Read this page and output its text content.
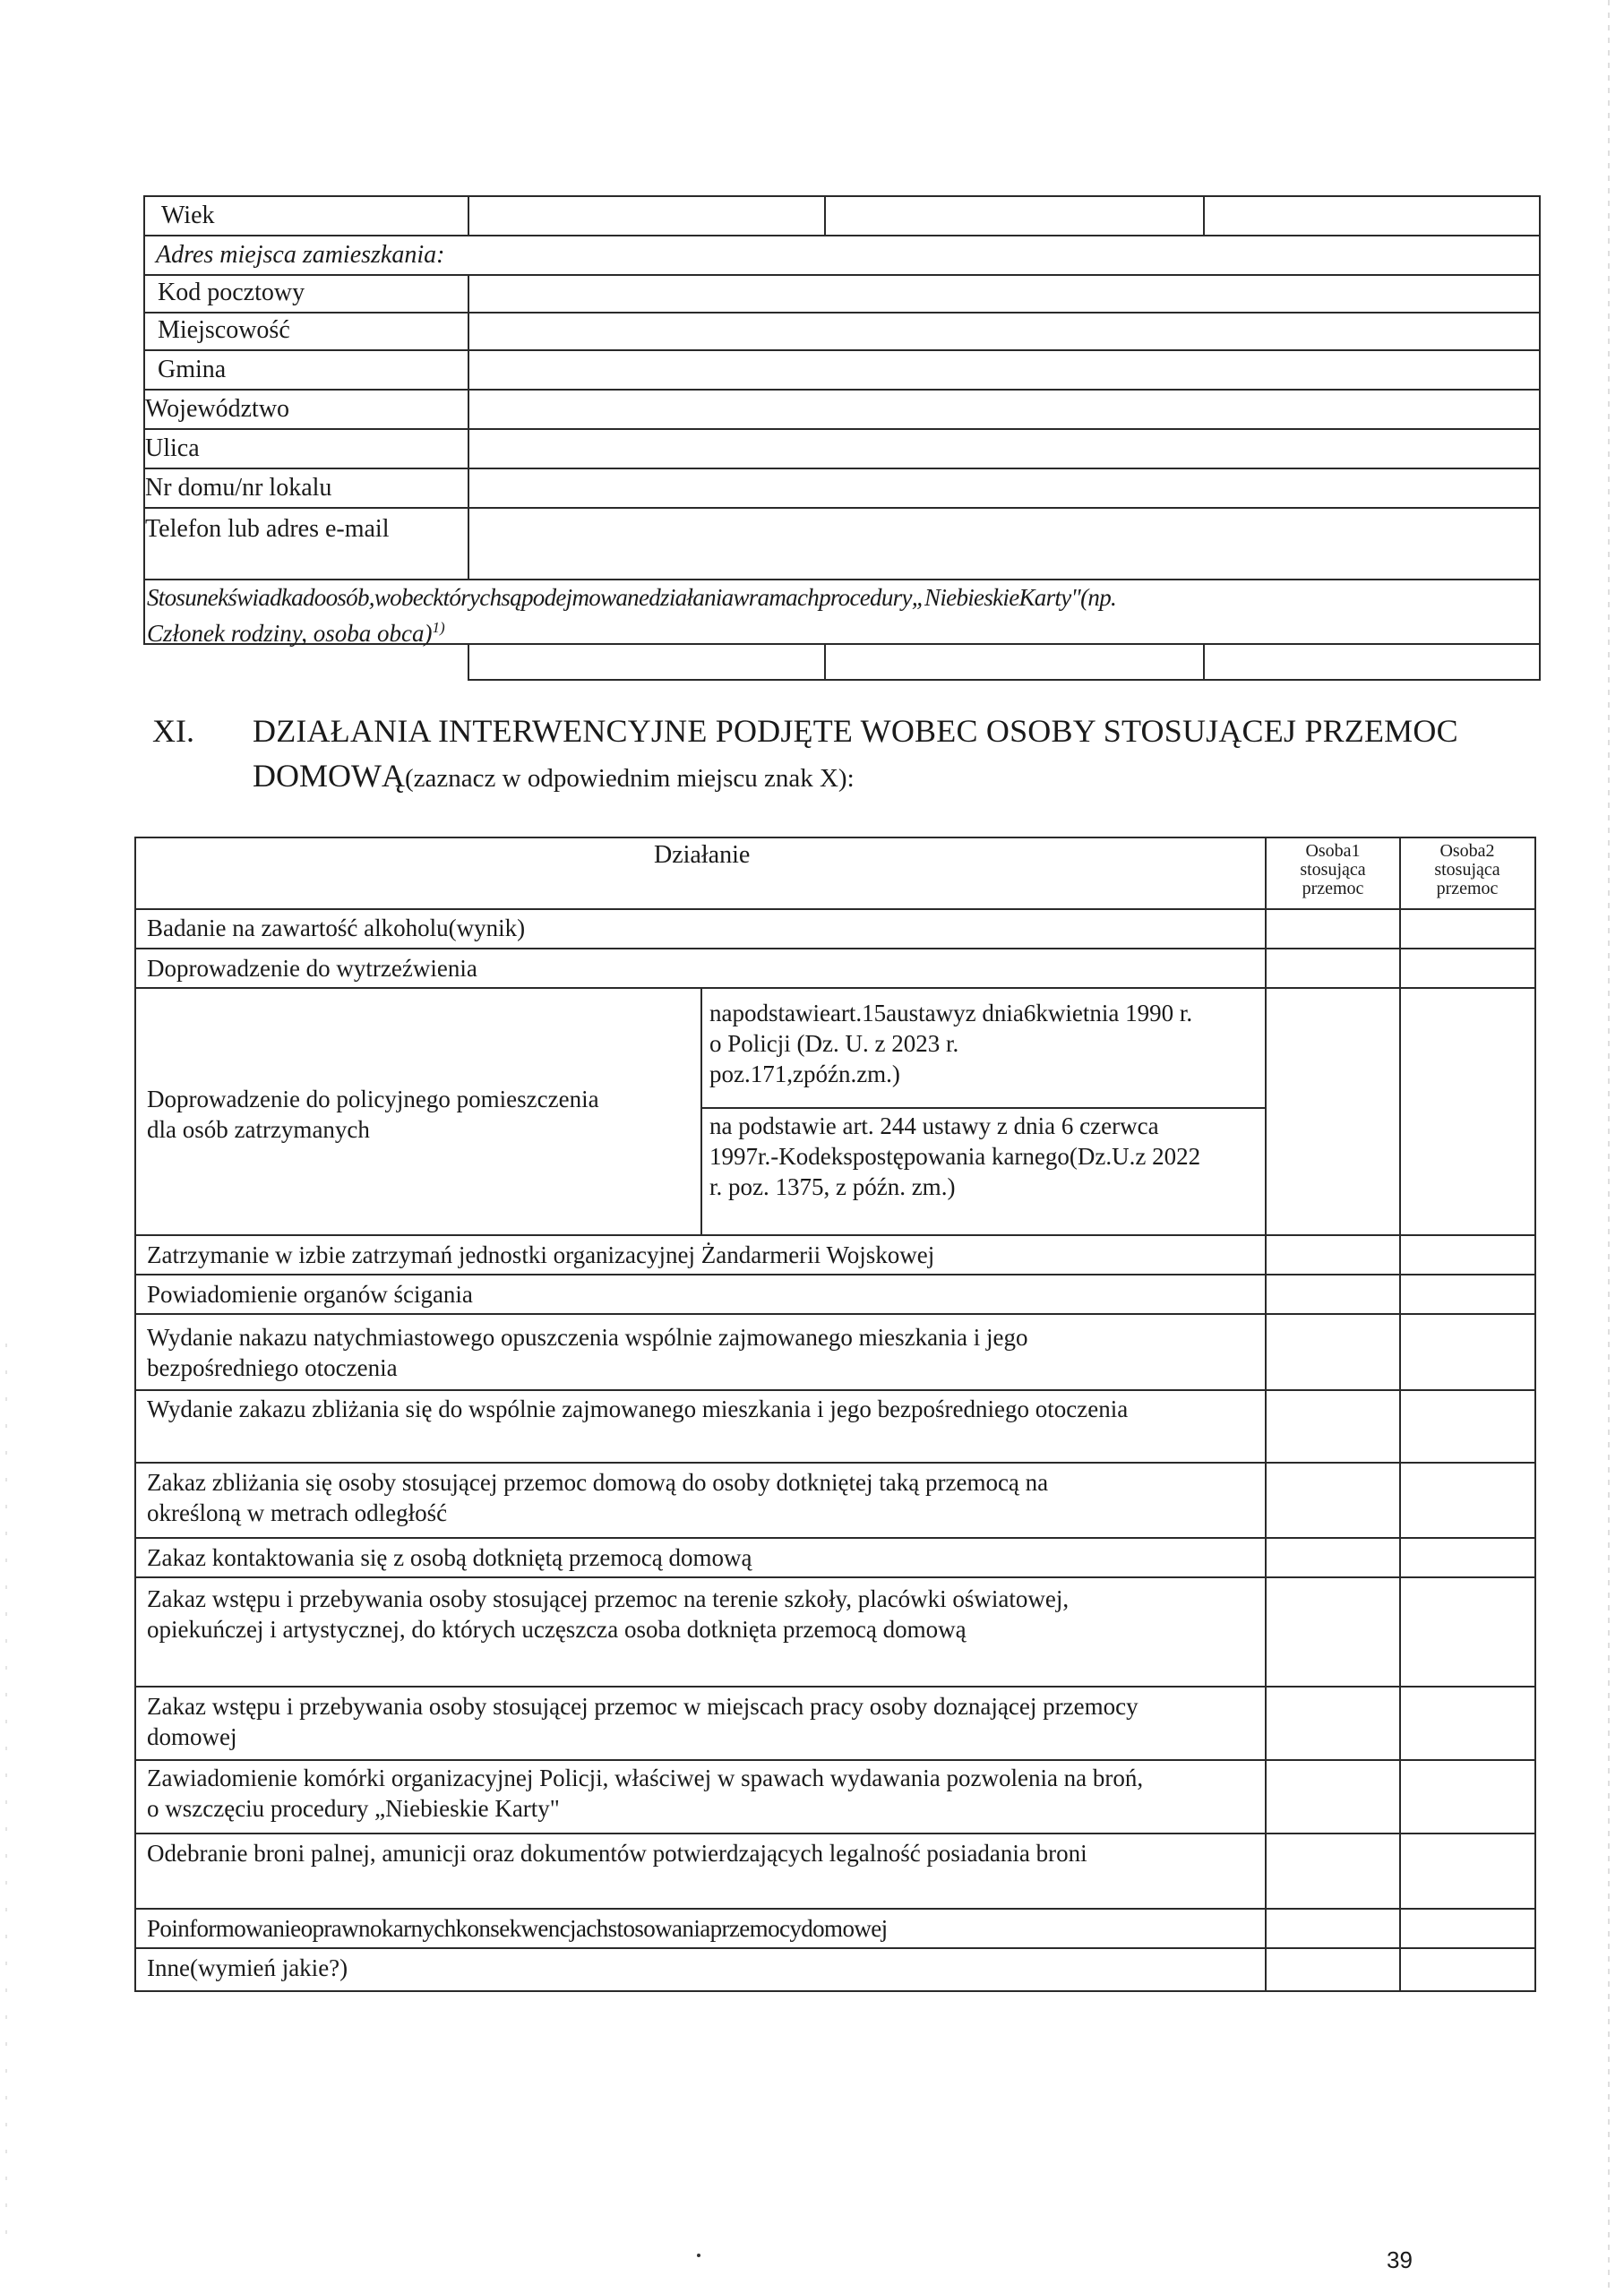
Wiek
Adres miejsca zamieszkania:
Kod pocztowy
Miejscowość
Gmina
Województwo
Ulica
Nr domu/nr lokalu
Telefon lub adres e-mail
Stosunekświadkadoosób,wobecktórychsąpodejmowanedziałaniawramachprocedury„NiebieskieKarty"(np.
Członek rodziny, osoba obca)$^{1)}$
XI. DZIAŁANIA INTERWENCYJNE PODJĘTE WOBEC OSOBY STOSUJĄCEJ PRZEMOC
DOMOWĄ(zaznacz w odpowiednim miejscu znak X):
Działanie	Osoba1
stosująca
przemoc
Osoba2
stosująca
przemoc
Badanie na zawartość alkoholu(wynik)
Doprowadzenie do wytrzeźwienia
Doprowadzenie do policyjnego pomieszczenia
dla osób zatrzymanych
napodstawieart.15austawyz dnia6kwietnia 1990 r.
o Policji (Dz. U. z 2023 r.
poz.171,zpóźn.zm.)
na podstawie art. 244 ustawy z dnia 6 czerwca
1997r.-Kodekspostępowania karnego(Dz.U.z 2022
r. poz. 1375, z późn. zm.)
Zatrzymanie w izbie zatrzymań jednostki organizacyjnej Żandarmerii Wojskowej
Powiadomienie organów ścigania
Wydanie nakazu natychmiastowego opuszczenia wspólnie zajmowanego mieszkania i jego
bezpośredniego otoczenia
Wydanie zakazu zbliżania się do wspólnie zajmowanego mieszkania i jego bezpośredniego otoczenia
Zakaz zbliżania się osoby stosującej przemoc domową do osoby dotkniętej taką przemocą na
określoną w metrach odległość
Zakaz kontaktowania się z osobą dotkniętą przemocą domową
Zakaz wstępu i przebywania osoby stosującej przemoc na terenie szkoły, placówki oświatowej,
opiekuńczej i artystycznej, do których uczęszcza osoba dotknięta przemocą domową
Zakaz wstępu i przebywania osoby stosującej przemoc w miejscach pracy osoby doznającej przemocy
domowej
Zawiadomienie komórki organizacyjnej Policji, właściwej w spawach wydawania pozwolenia na broń,
o wszczęciu procedury „Niebieskie Karty"
Odebranie broni palnej, amunicji oraz dokumentów potwierdzających legalność posiadania broni
Poinformowanieoprawnokarnychkonsekwencjachstosowaniaprzemocydomowej
Inne(wymień jakie?)
39
